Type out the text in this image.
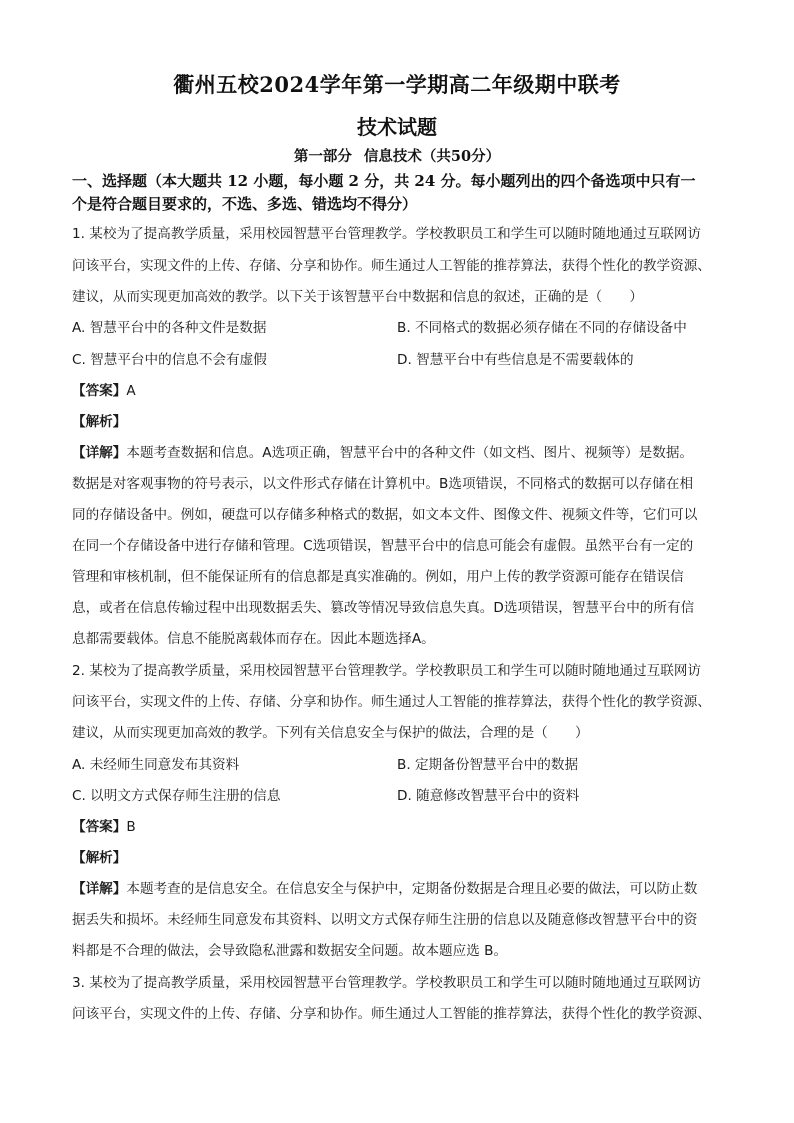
衢州五校2024学年第一学期高二年级期中联考
技术试题
第一部分 信息技术（共50分）
一、选择题（本大题共 12 小题，每小题 2 分，共 24 分。每小题列出的四个备选项中只有一
个是符合题目要求的，不选、多选、错选均不得分）
1. 某校为了提高教学质量，采用校园智慧平台管理教学。学校教职员工和学生可以随时随地通过互联网访
问该平台，实现文件的上传、存储、分享和协作。师生通过人工智能的推荐算法，获得个性化的教学资源、
建议，从而实现更加高效的教学。以下关于该智慧平台中数据和信息的叙述，正确的是（　　）
A. 智慧平台中的各种文件是数据	B. 不同格式的数据必须存储在不同的存储设备中
C. 智慧平台中的信息不会有虚假	D. 智慧平台中有些信息是不需要载体的
【答案】A
【解析】
【详解】本题考查数据和信息。A选项正确，智慧平台中的各种文件（如文档、图片、视频等）是数据。
数据是对客观事物的符号表示，以文件形式存储在计算机中。B选项错误，不同格式的数据可以存储在相
同的存储设备中。例如，硬盘可以存储多种格式的数据，如文本文件、图像文件、视频文件等，它们可以
在同一个存储设备中进行存储和管理。C选项错误，智慧平台中的信息可能会有虚假。虽然平台有一定的
管理和审核机制，但不能保证所有的信息都是真实准确的。例如，用户上传的教学资源可能存在错误信
息，或者在信息传输过程中出现数据丢失、篡改等情况导致信息失真。D选项错误，智慧平台中的所有信
息都需要载体。信息不能脱离载体而存在。因此本题选择A。
2. 某校为了提高教学质量，采用校园智慧平台管理教学。学校教职员工和学生可以随时随地通过互联网访
问该平台，实现文件的上传、存储、分享和协作。师生通过人工智能的推荐算法，获得个性化的教学资源、
建议，从而实现更加高效的教学。下列有关信息安全与保护的做法，合理的是（　　）
A. 未经师生同意发布其资料	B. 定期备份智慧平台中的数据
C. 以明文方式保存师生注册的信息	D. 随意修改智慧平台中的资料
【答案】B
【解析】
【详解】本题考查的是信息安全。在信息安全与保护中，定期备份数据是合理且必要的做法，可以防止数
据丢失和损坏。未经师生同意发布其资料、以明文方式保存师生注册的信息以及随意修改智慧平台中的资
料都是不合理的做法，会导致隐私泄露和数据安全问题。故本题应选 B。
3. 某校为了提高教学质量，采用校园智慧平台管理教学。学校教职员工和学生可以随时随地通过互联网访
问该平台，实现文件的上传、存储、分享和协作。师生通过人工智能的推荐算法，获得个性化的教学资源、
